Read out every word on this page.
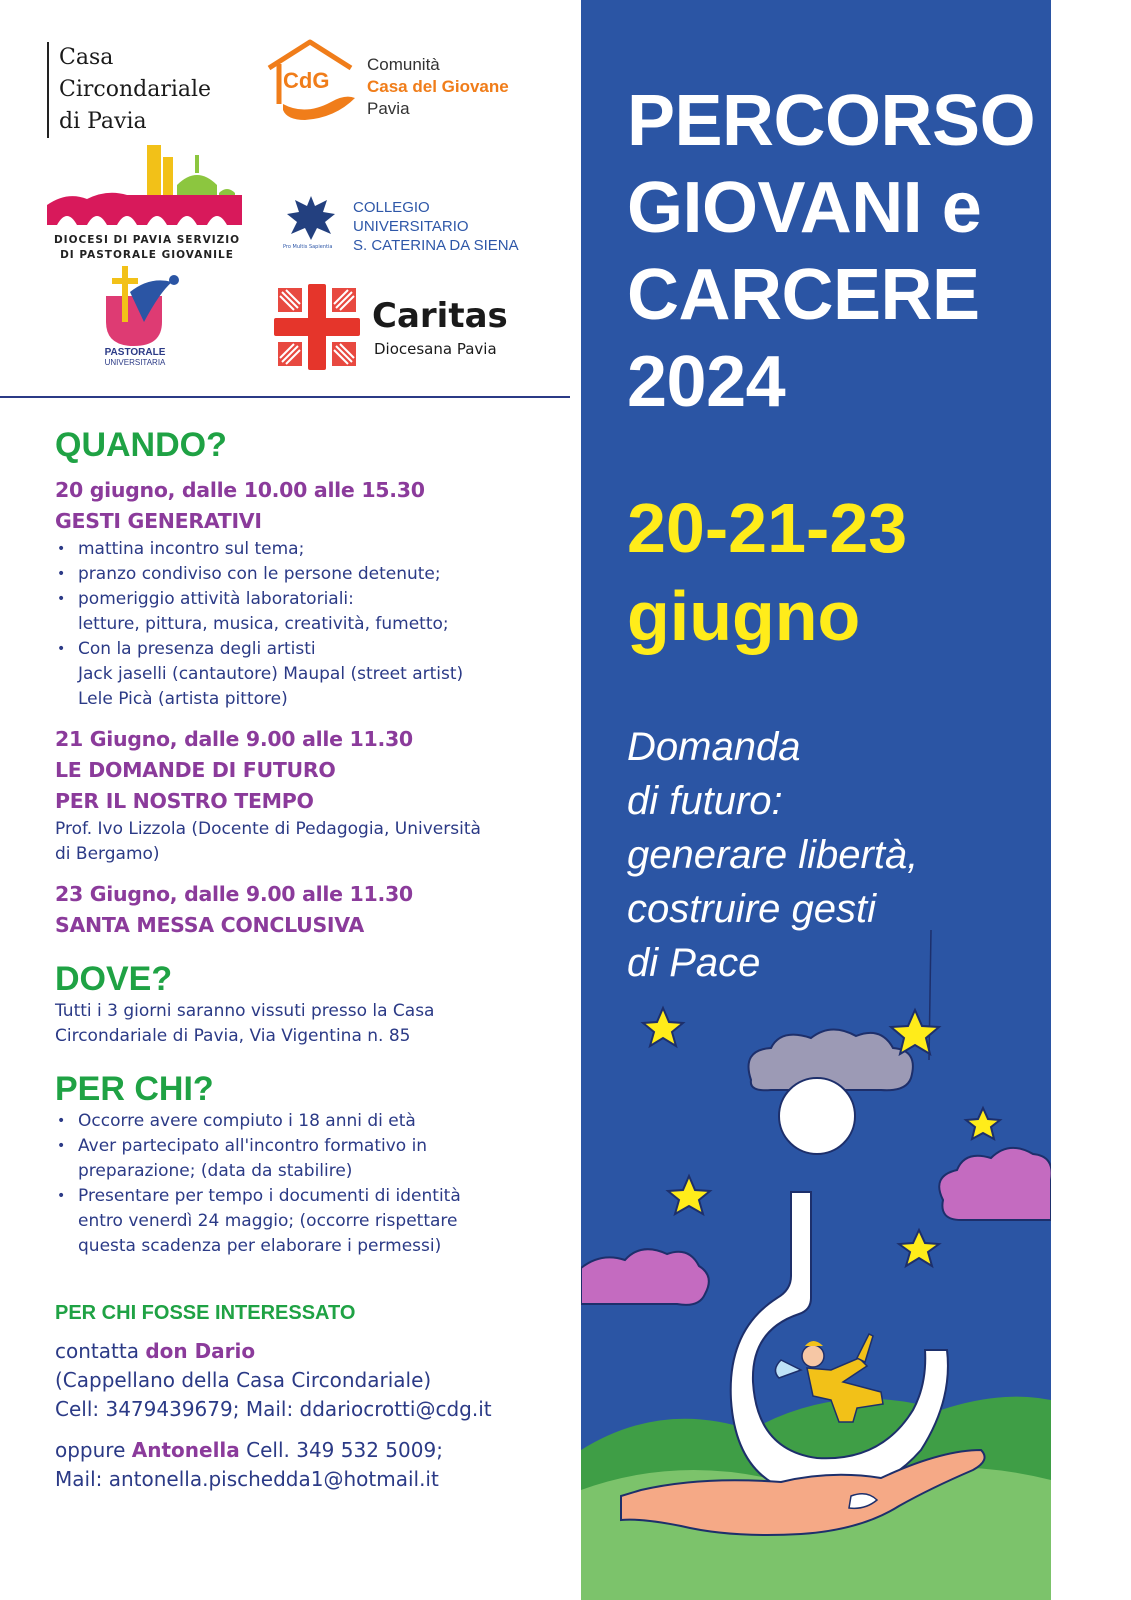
Casa
Circondariale
di Pavia
CdG
Comunità
Casa del Giovane
Pavia
DIOCESI DI PAVIA SERVIZIO
DI PASTORALE GIOVANILE
Pro Multis Sapientia
COLLEGIO
UNIVERSITARIO
S. CATERINA DA SIENA
PASTORALE
UNIVERSITARIA
Caritas
Diocesana Pavia
QUANDO?
20 giugno, dalle 10.00 alle 15.30
GESTI GENERATIVI
• mattina incontro sul tema;
• pranzo condiviso con le persone detenute;
• pomeriggio attività laboratoriali:
letture, pittura, musica, creatività, fumetto;
• Con la presenza degli artisti
Jack jaselli (cantautore) Maupal (street artist)
Lele Picà (artista pittore)
21 Giugno, dalle 9.00 alle 11.30
LE DOMANDE DI FUTURO
PER IL NOSTRO TEMPO
Prof. Ivo Lizzola (Docente di Pedagogia, Università
di Bergamo)
23 Giugno, dalle 9.00 alle 11.30
SANTA MESSA CONCLUSIVA
DOVE?
Tutti i 3 giorni saranno vissuti presso la Casa
Circondariale di Pavia, Via Vigentina n. 85
PER CHI?
• Occorre avere compiuto i 18 anni di età
• Aver partecipato all'incontro formativo in
preparazione; (data da stabilire)
• Presentare per tempo i documenti di identità
entro venerdì 24 maggio; (occorre rispettare
questa scadenza per elaborare i permessi)
PER CHI FOSSE INTERESSATO
contatta don Dario
(Cappellano della Casa Circondariale)
Cell: 3479439679; Mail: ddariocrotti@cdg.it
oppure Antonella Cell. 349 532 5009;
Mail: antonella.pischedda1@hotmail.it
PERCORSO
GIOVANI e
CARCERE
2024
20-21-23
giugno
Domanda
di futuro:
generare libertà,
costruire gesti
di Pace
